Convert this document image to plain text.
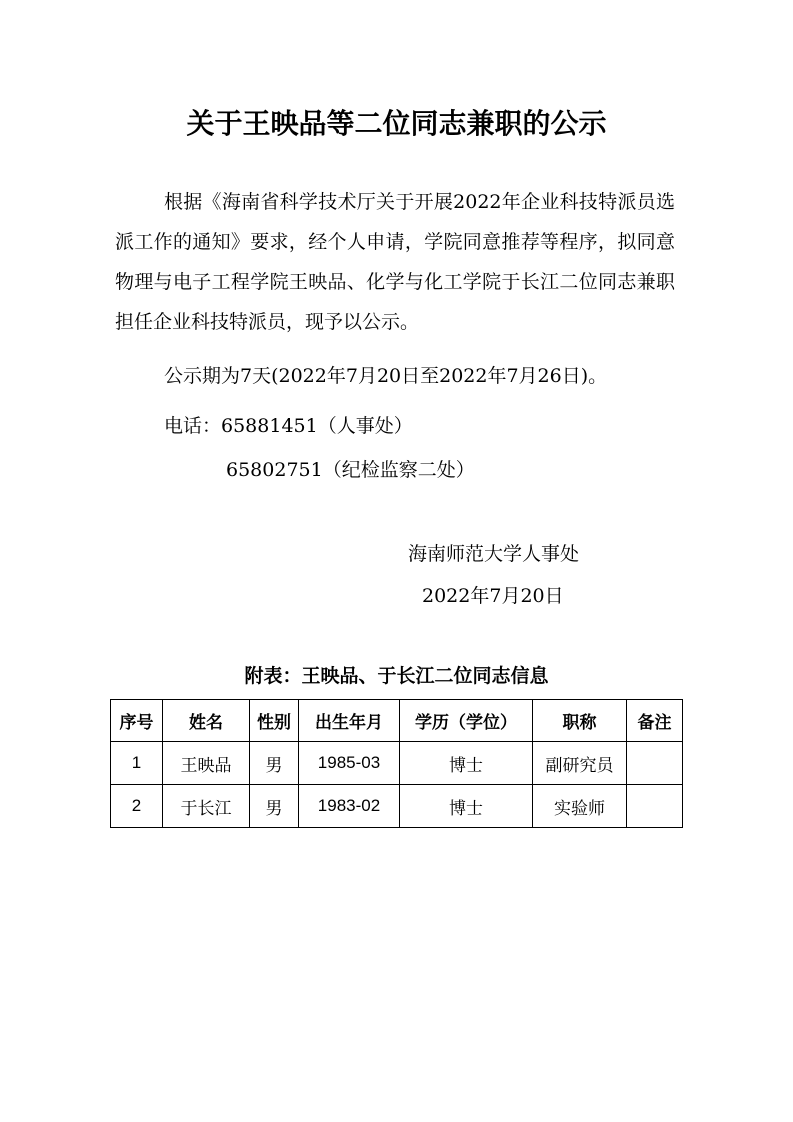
关于王映品等二位同志兼职的公示

根据《海南省科学技术厅关于开展2022年企业科技特派员选派工作的通知》要求，经个人申请，学院同意推荐等程序，拟同意物理与电子工程学院王映品、化学与化工学院于长江二位同志兼职担任企业科技特派员，现予以公示。

公示期为7天(2022年7月20日至2022年7月26日)。
电话：65881451（人事处）
65802751（纪检监察二处）
海南师范大学人事处
2022年7月20日
附表：王映品、于长江二位同志信息
序号	姓名	性别	出生年月	学历（学位）	职称	备注
1	王映品	男	1985-03	博士	副研究员	
2	于长江	男	1983-02	博士	实验师	
